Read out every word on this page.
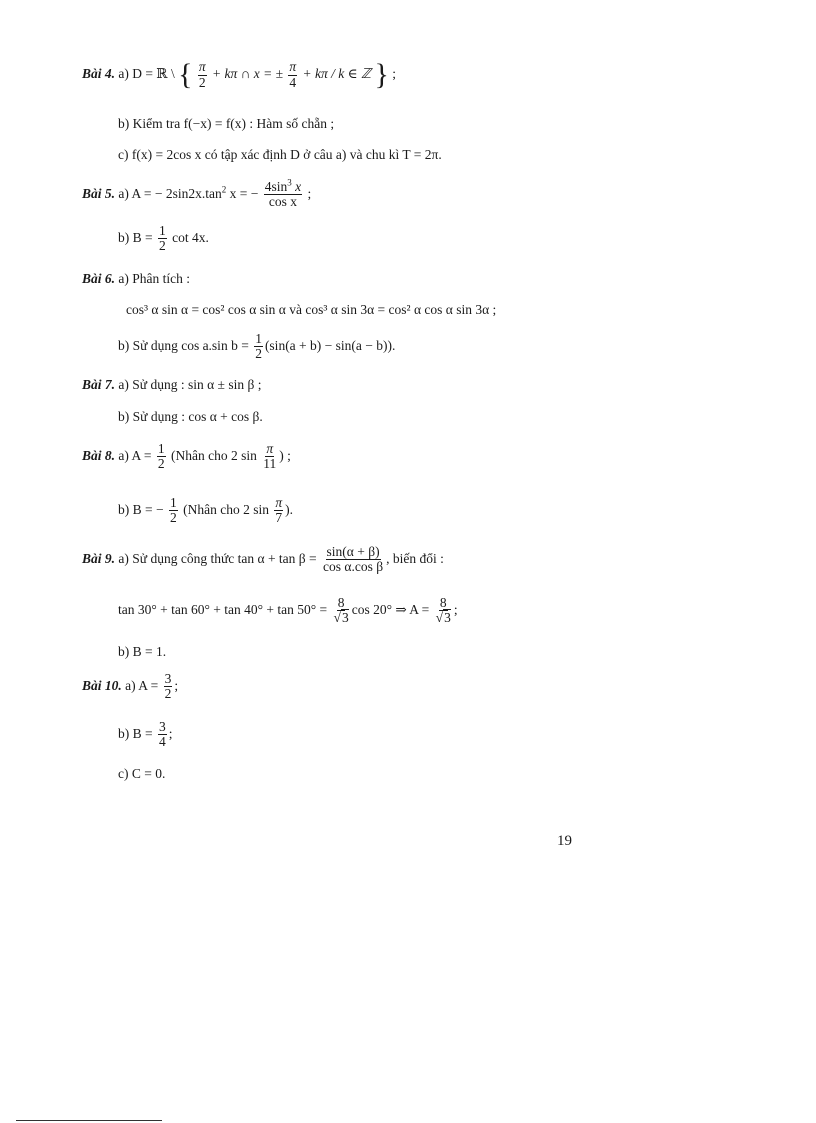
Bài 4. a) D = ℝ \ { $\frac{\pi}{2} + k\pi$ ∩ x = ± $\frac{\pi}{4} + k\pi / k$ ∈ ℤ } ;
b) Kiểm tra f(−x) = f(x) : Hàm số chẵn ;
c) f(x) = 2cos x có tập xác định D ở câu a) và chu kì T = 2π.
Bài 5. a) A = − $2\sin 2x.\tan^2$ x = − $\frac{4\sin^3 x}{\text{cos x}}$ ;
b) $B = \frac{1}{2}$ cot 4x.
Bài 6. a) Phân tích :
cos³ α sin α = cos² cos α sin α và cos³ α sin 3α = cos² α cos α sin 3α ;
b) Sử dụng cos a.sin $b = \frac{1}{2} (\sin(a + b) - \sin(a - b))$.
Bài 7. a) Sử dụng : sin α ± sin β ;
b) Sử dụng : cos α + cos β.
Bài 8. a) $A = \frac{1}{2}$ (Nhân cho 2 $\sin \frac{\pi}{11}$ ) ;
b) B = − $\frac{1}{2}$ (Nhân cho 2 $\sin \frac{\pi}{7}$ ).
Bài 9. a) Sử dụng công thức $\tan \alpha + \tan \beta = \frac{\sin(\alpha + \beta)}{\text{cos α.cos β}}$ , biến đổi :
$\tan 30^\circ + \tan 60^\circ + \tan 40^\circ + \tan 50^\circ = \frac{8}{√3}$ cos 20° ⇒ $A = \frac{8}{√3}$ ;
b) B = 1.
Bài 10. a) $A = \frac{3}{2}$ ;
b) $B = \frac{3}{4}$ ;
c) C = 0.
19
